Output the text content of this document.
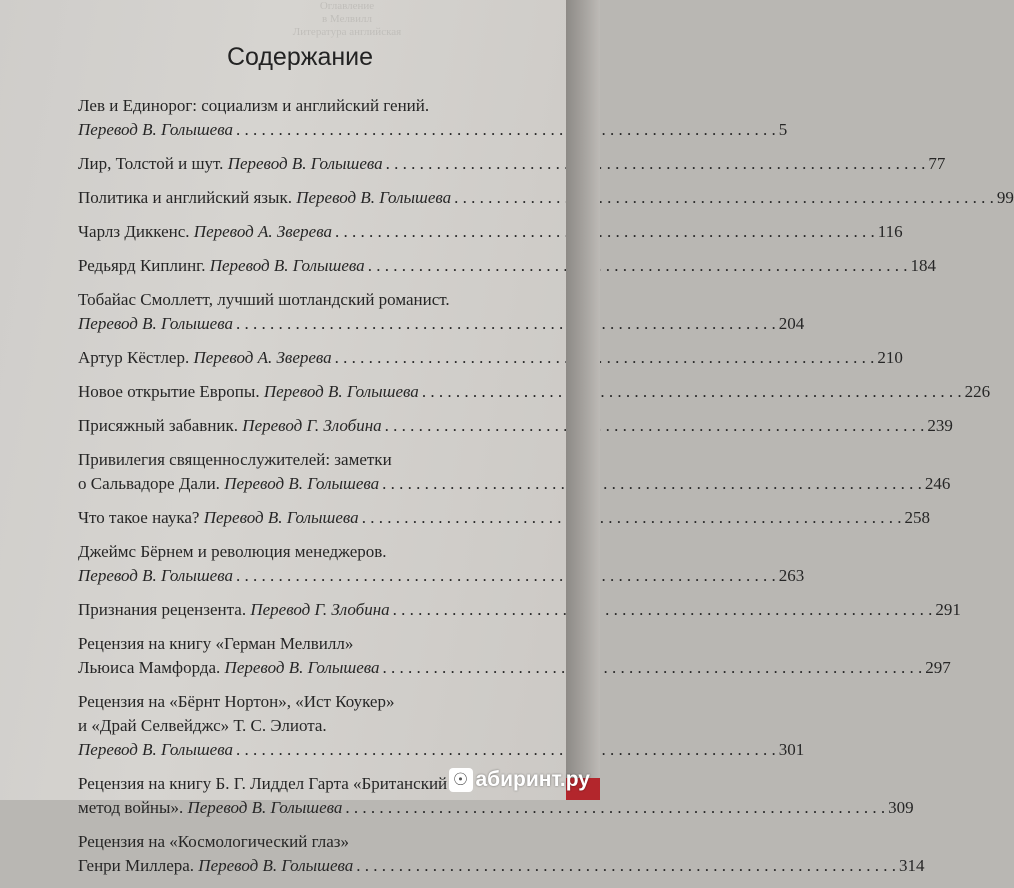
Оглавление
в Мелвилл
Литература английская
Содержание
Лев и Единорог: социализм и английский гений.
Перевод В. Голышева . . .	5
Лир, Толстой и шут. Перевод В. Голышева . . .	77
Политика и английский язык. Перевод В. Голышева . . .	99
Чарлз Диккенс. Перевод А. Зверева . . .	116
Редьярд Киплинг. Перевод В. Голышева . . .	184
Тобайас Смоллетт, лучший шотландский романист.
Перевод В. Голышева . . .	204
Артур Кёстлер. Перевод А. Зверева . . .	210
Новое открытие Европы. Перевод В. Голышева . . .	226
Присяжный забавник. Перевод Г. Злобина . . .	239
Привилегия священнослужителей: заметки
о Сальвадоре Дали. Перевод В. Голышева . . .	246
Что такое наука? Перевод В. Голышева . . .	258
Джеймс Бёрнем и революция менеджеров.
Перевод В. Голышева . . .	263
Признания рецензента. Перевод Г. Злобина . . .	291
Рецензия на книгу «Герман Мелвилл»
Льюиса Мамфорда. Перевод В. Голышева . . .	297
Рецензия на «Бёрнт Нортон», «Ист Коукер»
и «Драй Селвейджс» Т. С. Элиота.
Перевод В. Голышева . . .	301
Рецензия на книгу Б. Г. Лиддел Гарта «Британский
метод войны». Перевод В. Голышева . . .	309
Рецензия на «Космологический глаз»
Генри Миллера. Перевод В. Голышева . . .	314
☉ абиринт.ру
